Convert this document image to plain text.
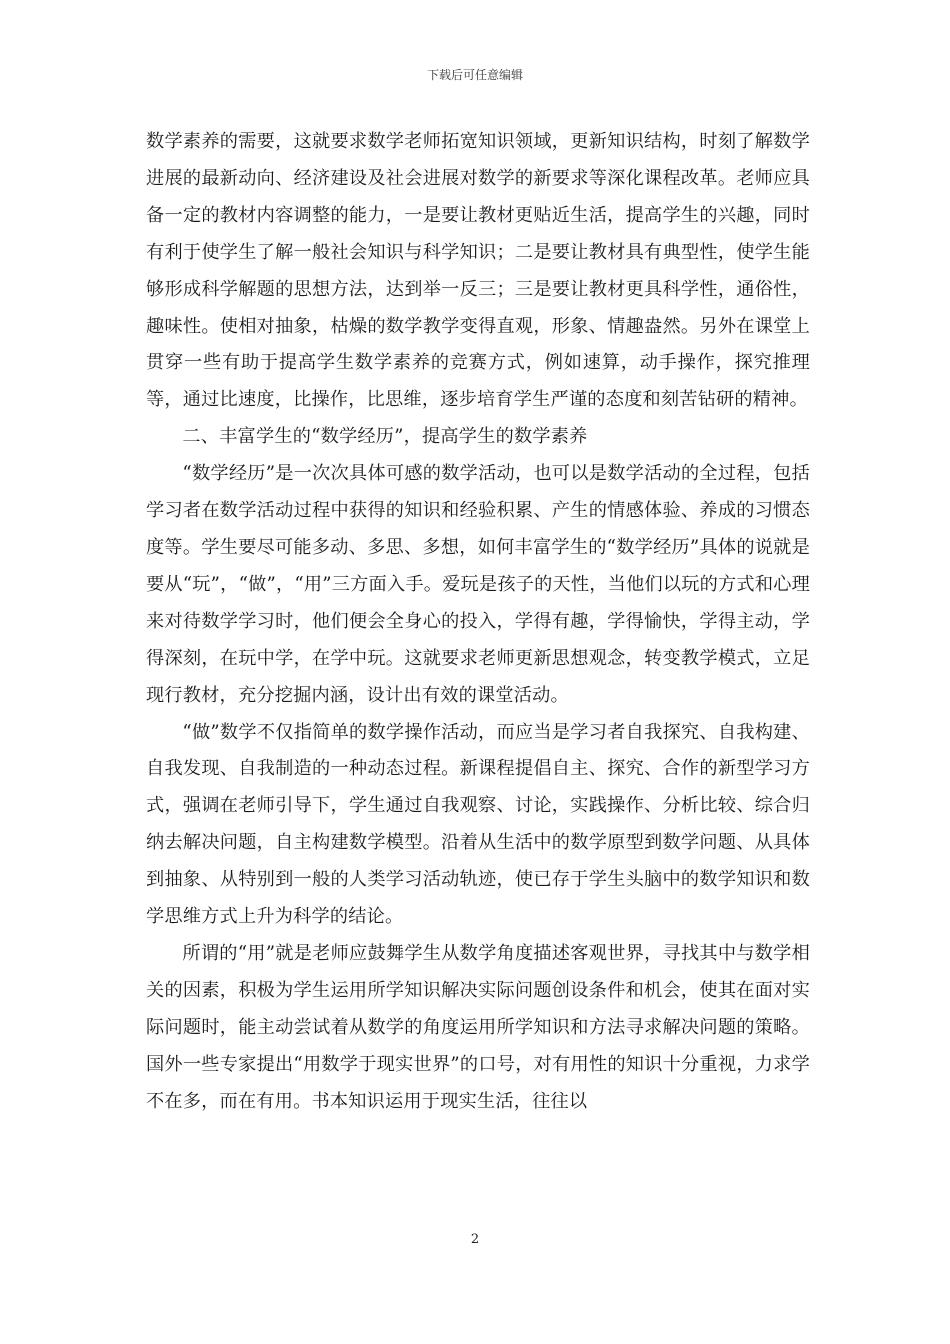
下载后可任意编辑

数学素养的需要，这就要求数学老师拓宽知识领域，更新知识结构，时刻了解数学进展的最新动向、经济建设及社会进展对数学的新要求等深化课程改革。老师应具备一定的教材内容调整的能力，一是要让教材更贴近生活，提高学生的兴趣，同时有利于使学生了解一般社会知识与科学知识；二是要让教材具有典型性，使学生能够形成科学解题的思想方法，达到举一反三；三是要让教材更具科学性，通俗性，趣味性。使相对抽象，枯燥的数学教学变得直观，形象、情趣盎然。另外在课堂上贯穿一些有助于提高学生数学素养的竞赛方式，例如速算，动手操作，探究推理等，通过比速度，比操作，比思维，逐步培育学生严谨的态度和刻苦钻研的精神。

二、丰富学生的“数学经历”，提高学生的数学素养

“数学经历”是一次次具体可感的数学活动，也可以是数学活动的全过程，包括学习者在数学活动过程中获得的知识和经验积累、产生的情感体验、养成的习惯态度等。学生要尽可能多动、多思、多想，如何丰富学生的“数学经历”具体的说就是要从“玩”，“做”，“用”三方面入手。爱玩是孩子的天性，当他们以玩的方式和心理来对待数学学习时，他们便会全身心的投入，学得有趣，学得愉快，学得主动，学得深刻，在玩中学，在学中玩。这就要求老师更新思想观念，转变教学模式，立足现行教材，充分挖掘内涵，设计出有效的课堂活动。

“做”数学不仅指简单的数学操作活动，而应当是学习者自我探究、自我构建、自我发现、自我制造的一种动态过程。新课程提倡自主、探究、合作的新型学习方式，强调在老师引导下，学生通过自我观察、讨论，实践操作、分析比较、综合归纳去解决问题，自主构建数学模型。沿着从生活中的数学原型到数学问题、从具体到抽象、从特别到一般的人类学习活动轨迹，使已存于学生头脑中的数学知识和数学思维方式上升为科学的结论。

所谓的“用”就是老师应鼓舞学生从数学角度描述客观世界，寻找其中与数学相关的因素，积极为学生运用所学知识解决实际问题创设条件和机会，使其在面对实际问题时，能主动尝试着从数学的角度运用所学知识和方法寻求解决问题的策略。国外一些专家提出“用数学于现实世界”的口号，对有用性的知识十分重视，力求学不在多，而在有用。书本知识运用于现实生活，往往以

2
